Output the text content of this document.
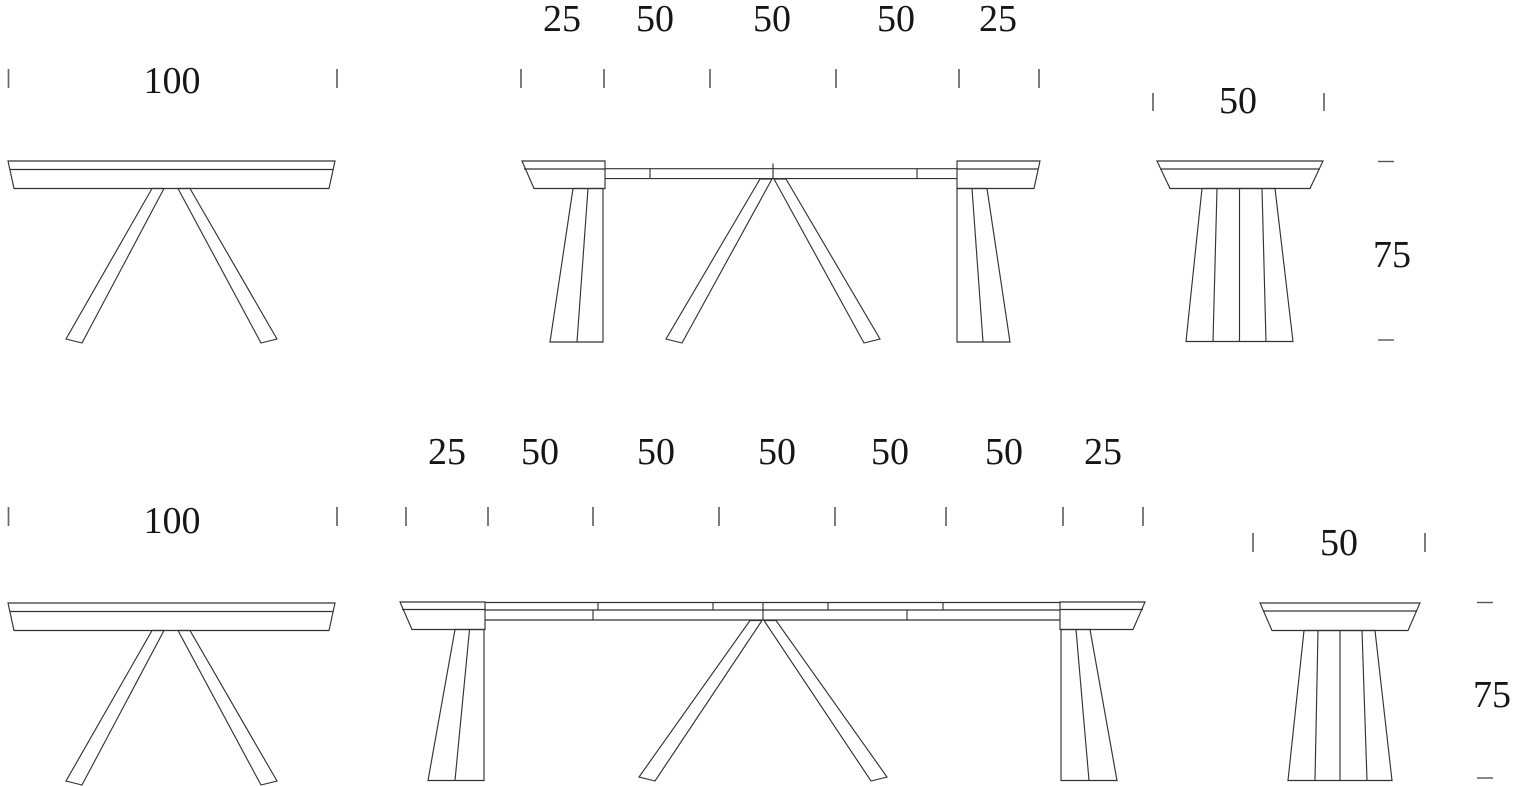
100
25 50 50 50 25
50
75
100
25 50 50 50 50 50 25
50
75
